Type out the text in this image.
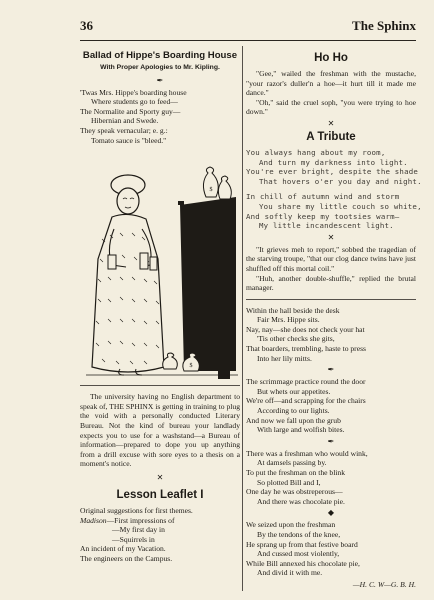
36	The Sphinx
Ballad of Hippe's Boarding House
With Proper Apologies to Mr. Kipling.
✒
'Twas Mrs. Hippe's boarding house
Where students go to feed—
The Normalite and Sporty guy—
Hibernian and Swede.
They speak vernacular; e. g.:
Tomato sauce is "bleed."
$
$

The university having no English department to speak of, THE SPHINX is getting in training to plug the void with a personally conducted Literary Bureau. Not the kind of bureau your landlady expects you to use for a washstand—a Bureau of information—prepared to dope you up anything from a drill excuse with sore eyes to a thesis on a moment's notice.

✕
Lesson Leaflet I
Original suggestions for first themes.
Madison—First impressions of
—My first day in
—Squirrels in
An incident of my Vacation.
The engineers on the Campus.
Ho Ho

"Gee," wailed the freshman with the mustache, "your razor's duller'n a hoe—it hurt till it made me dance."

"Oh," said the cruel soph, "you were trying to hoe down."

✕
A Tribute
You always hang about my room,
And turn my darkness into light.
You're ever bright, despite the shade
That hovers o'er you day and night.
In chill of autumn wind and storm
You share my little couch so white,
And softly keep my tootsies warm—
My little incandescent light.
✕

"It grieves meh to report," sobbed the tragedian of the starving troupe, "that our clog dance twins have just shuffled off this mortal coil."

"Huh, another double-shuffle," replied the brutal manager.

Within the hall beside the desk
Fair Mrs. Hippe sits.
Nay, nay—she does not check your hat
'Tis other checks she gits,
That boarders, trembling, haste to press
Into her lily mitts.
✒
The scrimmage practice round the door
But whets our appetites.
We're off—and scrapping for the chairs
According to our lights.
And now we fall upon the grub
With large and wolfish bites.
✒
There was a freshman who would wink,
At damsels passing by.
To put the freshman on the blink
So plotted Bill and I,
One day he was obstreperous—
And there was chocolate pie.
◆
We seized upon the freshman
By the tendons of the knee,
He sprang up from that festive board
And cussed most violently,
While Bill annexed his chocolate pie,
And divid it with me.
—H. C. W—G. B. H.
